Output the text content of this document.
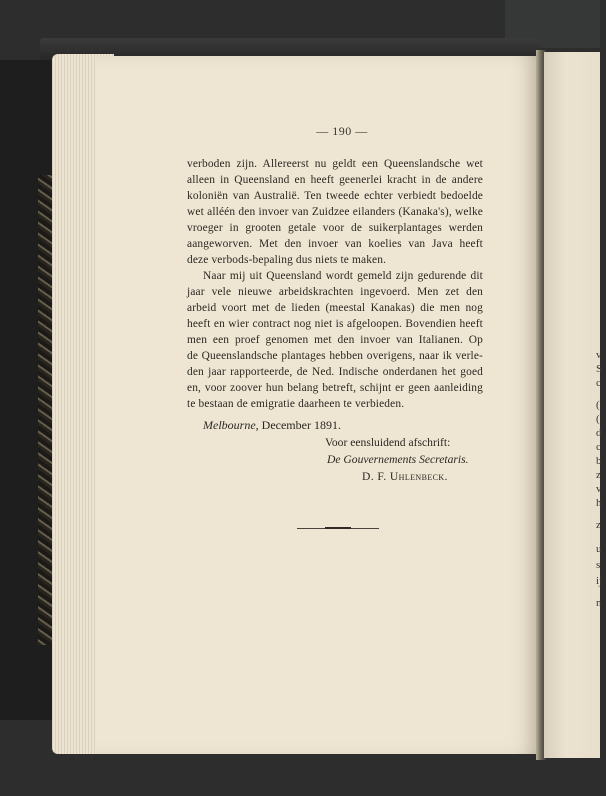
v
S
c
(
(
d
c
b
z
v
h
z
u
s
ij
n
— 190 —
verboden zijn. Allereerst nu geldt een Queenslandsche wet
alleen in Queensland en heeft geenerlei kracht in de andere
koloniën van Australië. Ten tweede echter verbiedt bedoelde
wet alléén den invoer van Zuidzee eilanders (Kanaka's), welke
vroeger in grooten getale voor de suikerplantages werden
aangeworven. Met den invoer van koelies van Java heeft
deze verbods-bepaling dus niets te maken.
Naar mij uit Queensland wordt gemeld zijn gedurende dit
jaar vele nieuwe arbeidskrachten ingevoerd. Men zet den
arbeid voort met de lieden (meestal Kanakas) die men nog
heeft en wier contract nog niet is afgeloopen. Bovendien heeft
men een proef genomen met den invoer van Italianen. Op
de Queenslandsche plantages hebben overigens, naar ik verle-
den jaar rapporteerde, de Ned. Indische onderdanen het goed
en, voor zoover hun belang betreft, schijnt er geen aanleiding
te bestaan de emigratie daarheen te verbieden.
Melbourne, December 1891.
Voor eensluidend afschrift:
De Gouvernements Secretaris.
D. F. Uhlenbeck.
